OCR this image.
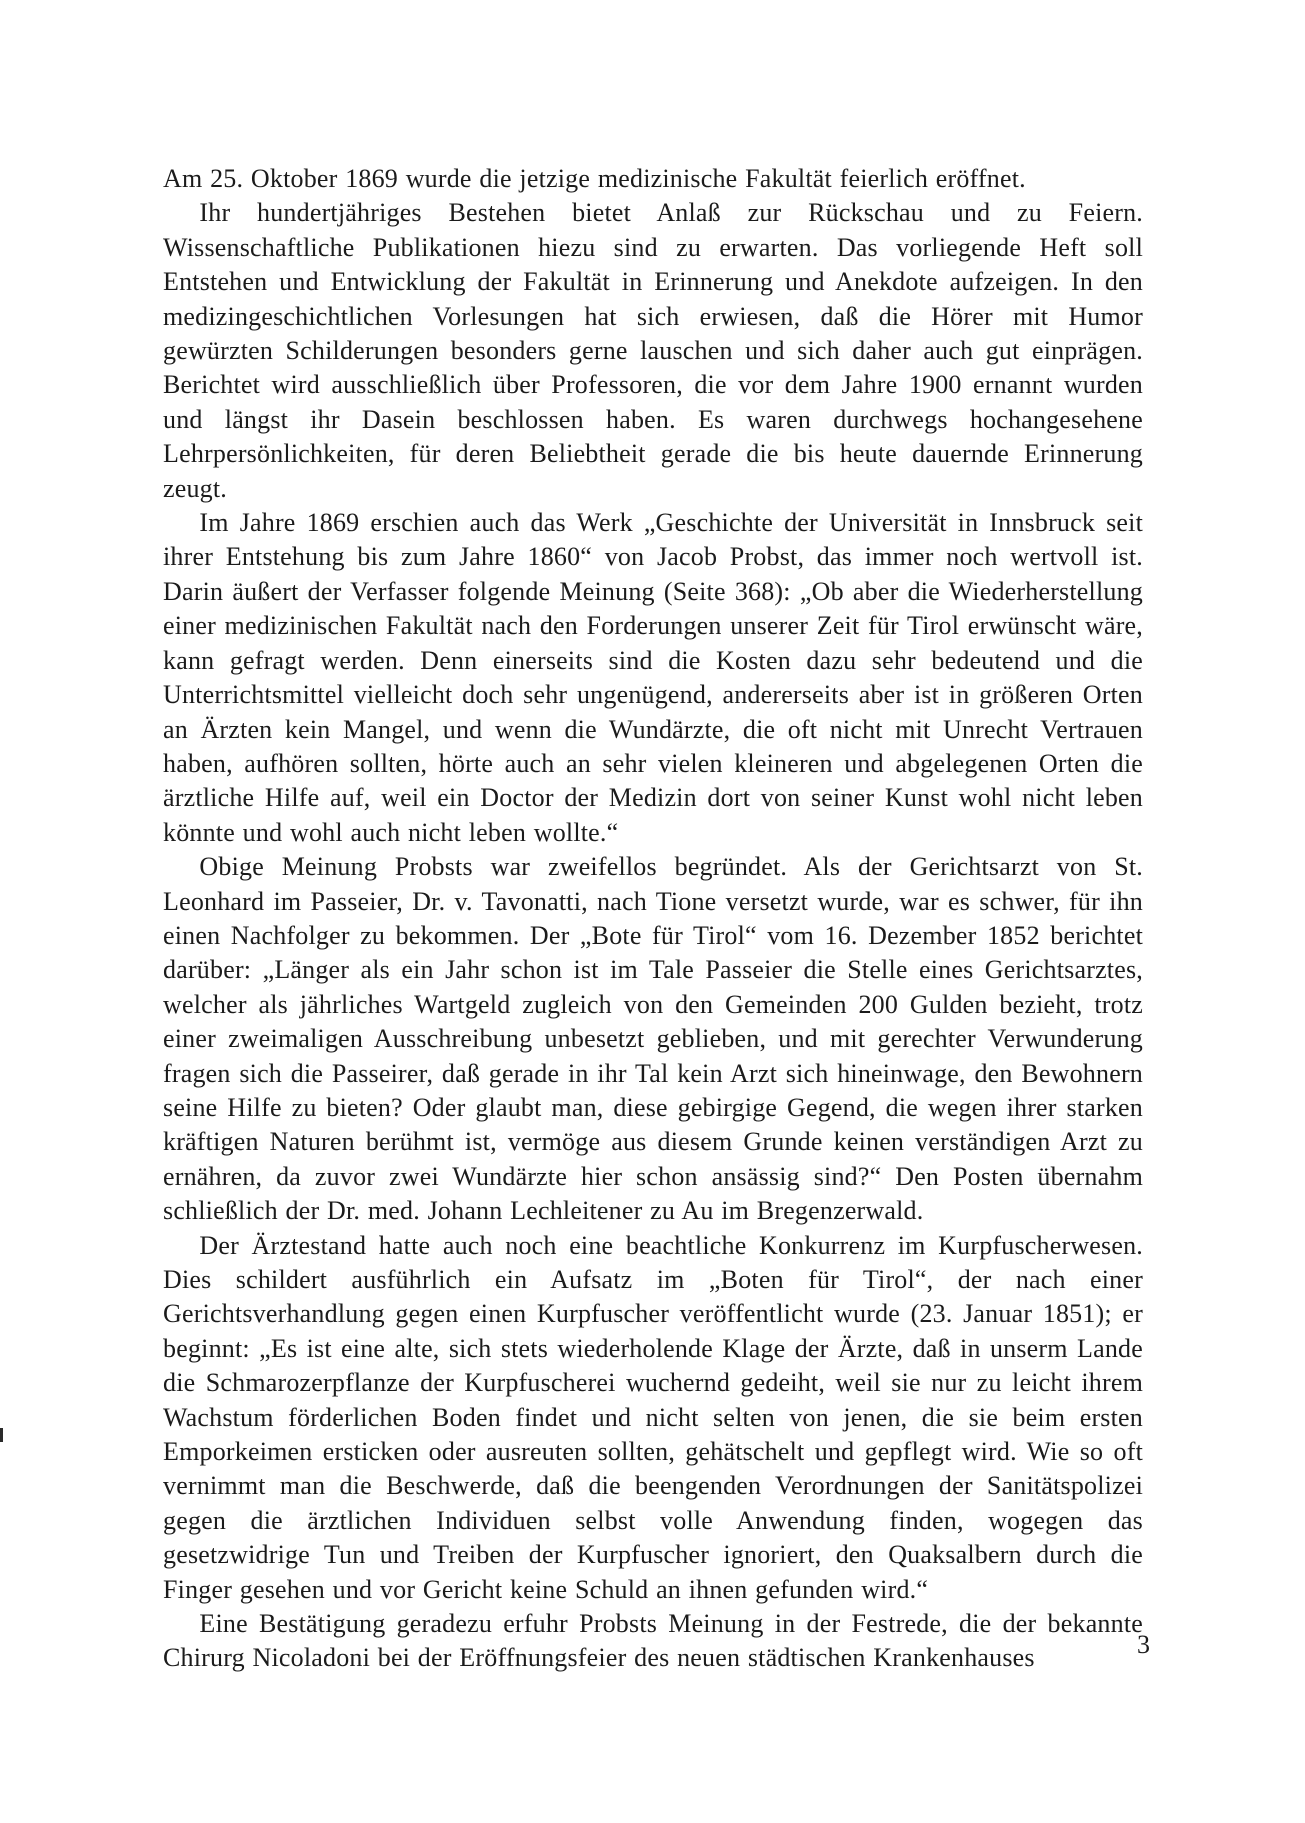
Am 25. Oktober 1869 wurde die jetzige medizinische Fakultät feierlich eröffnet.

Ihr hundertjähriges Bestehen bietet Anlaß zur Rückschau und zu Feiern. Wissenschaftliche Publikationen hiezu sind zu erwarten. Das vorliegende Heft soll Entstehen und Entwicklung der Fakultät in Erinnerung und Anekdote aufzeigen. In den medizingeschichtlichen Vorlesungen hat sich erwiesen, daß die Hörer mit Humor gewürzten Schilderungen besonders gerne lauschen und sich daher auch gut einprägen. Berichtet wird ausschließlich über Professoren, die vor dem Jahre 1900 ernannt wurden und längst ihr Dasein beschlossen haben. Es waren durchwegs hochangesehene Lehrpersönlichkeiten, für deren Beliebtheit gerade die bis heute dauernde Erinnerung zeugt.

Im Jahre 1869 erschien auch das Werk „Geschichte der Universität in Innsbruck seit ihrer Entstehung bis zum Jahre 1860“ von Jacob Probst, das immer noch wertvoll ist. Darin äußert der Verfasser folgende Meinung (Seite 368): „Ob aber die Wiederherstellung einer medizinischen Fakultät nach den Forderungen unserer Zeit für Tirol erwünscht wäre, kann gefragt werden. Denn einerseits sind die Kosten dazu sehr bedeutend und die Unterrichtsmittel vielleicht doch sehr ungenügend, andererseits aber ist in größeren Orten an Ärzten kein Mangel, und wenn die Wundärzte, die oft nicht mit Unrecht Vertrauen haben, aufhören sollten, hörte auch an sehr vielen kleineren und abgelegenen Orten die ärztliche Hilfe auf, weil ein Doctor der Medizin dort von seiner Kunst wohl nicht leben könnte und wohl auch nicht leben wollte.“

Obige Meinung Probsts war zweifellos begründet. Als der Gerichtsarzt von St. Leonhard im Passeier, Dr. v. Tavonatti, nach Tione versetzt wurde, war es schwer, für ihn einen Nachfolger zu bekommen. Der „Bote für Tirol“ vom 16. Dezember 1852 berichtet darüber: „Länger als ein Jahr schon ist im Tale Passeier die Stelle eines Gerichtsarztes, welcher als jährliches Wartgeld zugleich von den Gemeinden 200 Gulden bezieht, trotz einer zweimaligen Ausschreibung unbesetzt geblieben, und mit gerechter Verwunderung fragen sich die Passeirer, daß gerade in ihr Tal kein Arzt sich hineinwage, den Bewohnern seine Hilfe zu bieten? Oder glaubt man, diese gebirgige Gegend, die wegen ihrer starken kräftigen Naturen berühmt ist, vermöge aus diesem Grunde keinen verständigen Arzt zu ernähren, da zuvor zwei Wundärzte hier schon ansässig sind?“ Den Posten übernahm schließlich der Dr. med. Johann Lechleitener zu Au im Bregenzerwald.

Der Ärztestand hatte auch noch eine beachtliche Konkurrenz im Kurpfuscherwesen. Dies schildert ausführlich ein Aufsatz im „Boten für Tirol“, der nach einer Gerichtsverhandlung gegen einen Kurpfuscher veröffentlicht wurde (23. Januar 1851); er beginnt: „Es ist eine alte, sich stets wiederholende Klage der Ärzte, daß in unserm Lande die Schmarozerpflanze der Kurpfuscherei wuchernd gedeiht, weil sie nur zu leicht ihrem Wachstum förderlichen Boden findet und nicht selten von jenen, die sie beim ersten Emporkeimen ersticken oder ausreuten sollten, gehätschelt und gepflegt wird. Wie so oft vernimmt man die Beschwerde, daß die beengenden Verordnungen der Sanitätspolizei gegen die ärztlichen Individuen selbst volle Anwendung finden, wogegen das gesetzwidrige Tun und Treiben der Kurpfuscher ignoriert, den Quaksalbern durch die Finger gesehen und vor Gericht keine Schuld an ihnen gefunden wird.“

Eine Bestätigung geradezu erfuhr Probsts Meinung in der Festrede, die der bekannte Chirurg Nicoladoni bei der Eröffnungsfeier des neuen städtischen Krankenhauses	3
